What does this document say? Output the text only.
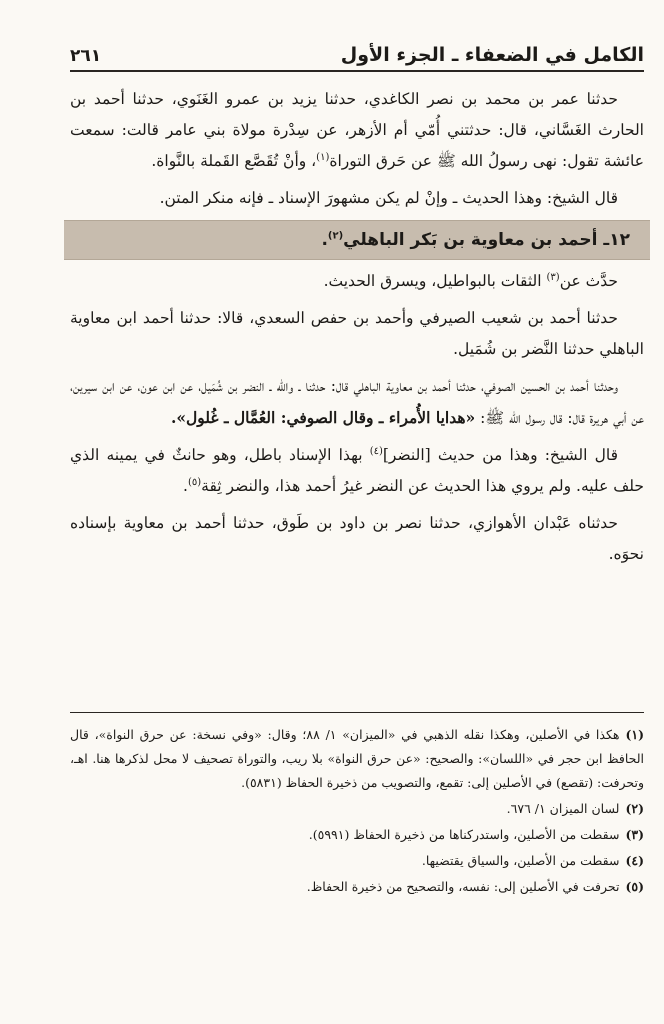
الكامل في الضعفاء ـ الجزء الأول
٢٦١

حدثنا عمر بن محمد بن نصر الكاغدي، حدثنا يزيد بن عمرو الغَنَوي، حدثنا أحمد بن الحارث الغَسَّاني، قال: حدثتني أُمّي أم الأزهر، عن سِدْرة مولاة بني عامر قالت: سمعت عائشة تقول: نهى رسولُ الله ﷺ عن حَرق التوراة$^{(١)}$، وأنْ تُقَصَّع القَملة بالنَّواة.

قال الشيخ: وهذا الحديث ـ وإنْ لم يكن مشهورَ الإسناد ـ فإنه منكر المتن.

١٢ـ أحمد بن معاوية بن بَكر الباهلي$^{(٢)}$.

حدَّث عن$^{(٣)}$ الثقات بالبواطيل، ويسرق الحديث.

حدثنا أحمد بن شعيب الصيرفي وأحمد بن حفص السعدي، قالا: حدثنا أحمد ابن معاوية الباهلي حدثنا النَّضر بن شُمَيل.

وحدثنا أحمد بن الحسين الصوفي، حدثنا أحمد بن معاوية الباهلي قال: حدثنا ـ والله ـ النضر بن شُمَيل، عن ابن عون، عن ابن سيرين، عن أبي هريرة قال: قال رسول الله ﷺ: «هدايا الأُمراء ـ وقال الصوفي: العُمَّال ـ غُلول».

قال الشيخ: وهذا من حديث [النضر]$^{(٤)}$ بهذا الإسناد باطل، وهو حانثٌ في يمينه الذي حلف عليه. ولم يروي هذا الحديث عن النضر غيرُ أحمد هذا، والنضر ثِقة$^{(٥)}$.

حدثناه عَبْدان الأهوازي، حدثنا نصر بن داود بن طَوق، حدثنا أحمد بن معاوية بإسناده نحوَه.

(١)هكذا في الأصلين، وهكذا نقله الذهبي في «الميزان» ١/ ٨٨؛ وقال: «وفي نسخة: عن حرق النواة»، قال الحافظ ابن حجر في «اللسان»: والصحيح: «عن حرق النواة» بلا ريب، والتوراة تصحيف لا محل لذكرها هنا. اهـ، وتحرفت: (تقصع) في الأصلين إلى: تقمع، والتصويب من ذخيرة الحفاظ (٥٨٣١).

(٢)لسان الميزان ١/ ٦٧٦.

(٣)سقطت من الأصلين، واستدركناها من ذخيرة الحفاظ (٥٩٩١).

(٤)سقطت من الأصلين، والسياق يقتضيها.

(٥)تحرفت في الأصلين إلى: نفسه، والتصحيح من ذخيرة الحفاظ.
